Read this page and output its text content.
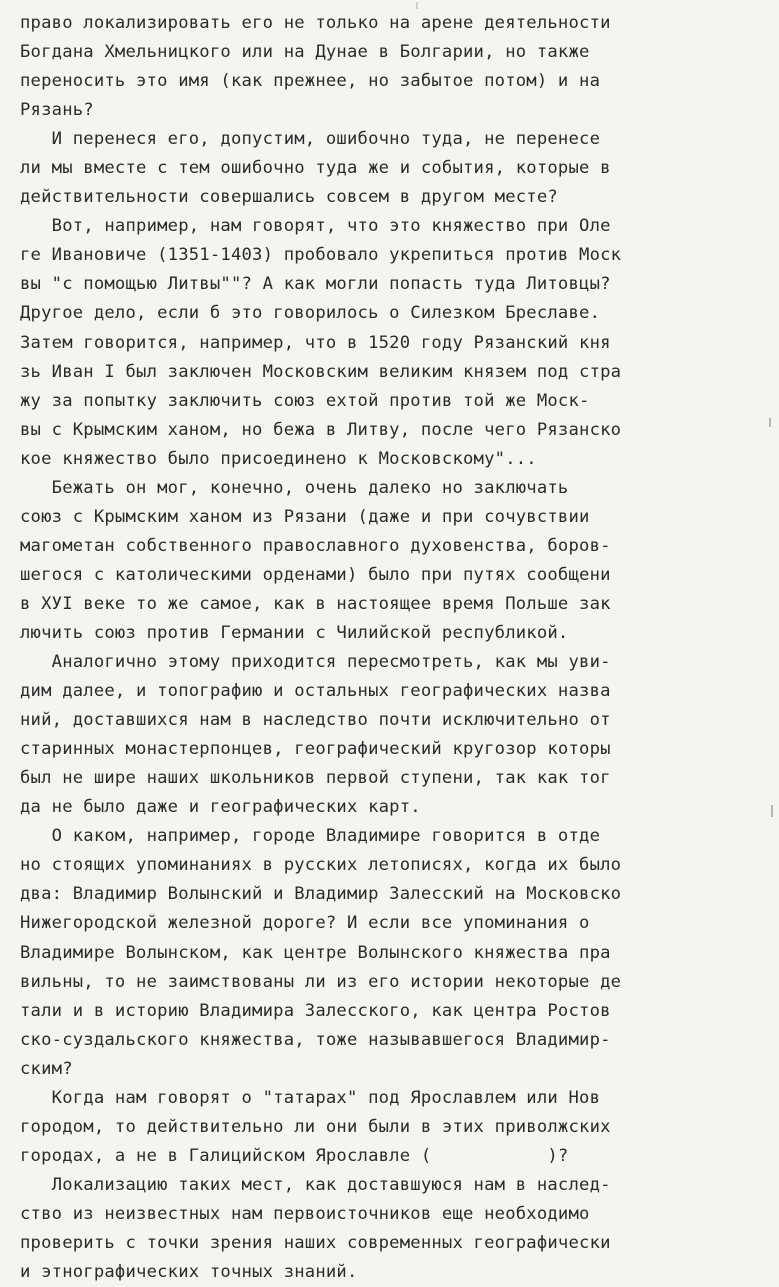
право локализировать его не только на арене деятельности
Богдана Хмельницкого или на Дунае в Болгарии, но также
переносить это имя (как прежнее, но забытое потом) и на
Рязань?
И перенеся его, допустим, ошибочно туда, не перенесе
ли мы вместе с тем ошибочно туда же и события, которые в
действительности совершались совсем в другом месте?
Вот, например, нам говорят, что это княжество при Оле
ге Ивановиче (1351-1403) пробовало укрепиться против Моск
вы "с помощью Литвы""? А как могли попасть туда Литовцы?
Другое дело, если б это говорилось о Силезком Бреславе.
Затем говорится, например, что в 1520 году Рязанский кня
зь Иван I был заключен Московским великим князем под стра
жу за попытку заключить союз ехтой против той же Моск-
вы с Крымским ханом, но бежа в Литву, после чего Рязанско
кое княжество было присоединено к Московскому"...
Бежать он мог, конечно, очень далеко но заключать
союз с Крымским ханом из Рязани (даже и при сочувствии
магометан собственного православного духовенства, боров-
шегося с католическими орденами) было при путях сообщени
в ХУI веке то же самое, как в настоящее время Польше зак
лючить союз против Германии с Чилийской республикой.
Аналогично этому приходится пересмотреть, как мы уви-
дим далее, и топографию и остальных географических назва
ний, доставшихся нам в наследство почти исключительно от
старинных монастерпонцев, географический кругозор которы
был не шире наших школьников первой ступени, так как тог
да не было даже и географических карт.
О каком, например, городе Владимире говорится в отде
но стоящих упоминаниях в русских летописях, когда их было
два: Владимир Волынский и Владимир Залесский на Московско
Нижегородской железной дороге? И если все упоминания о
Владимире Волынском, как центре Волынского княжества пра
вильны, то не заимствованы ли из его истории некоторые де
тали и в историю Владимира Залесского, как центра Ростов
ско-суздальского княжества, тоже называвшегося Владимир-
ским?
Когда нам говорят о "татарах" под Ярославлем или Нов
городом, то действительно ли они были в этих приволжских
городах, а не в Галицийском Ярославле (           )?
Локализацию таких мест, как доставшуюся нам в наслед-
ство из неизвестных нам первоисточников еще необходимо
проверить с точки зрения наших современных географически
и этнографических точных знаний.
